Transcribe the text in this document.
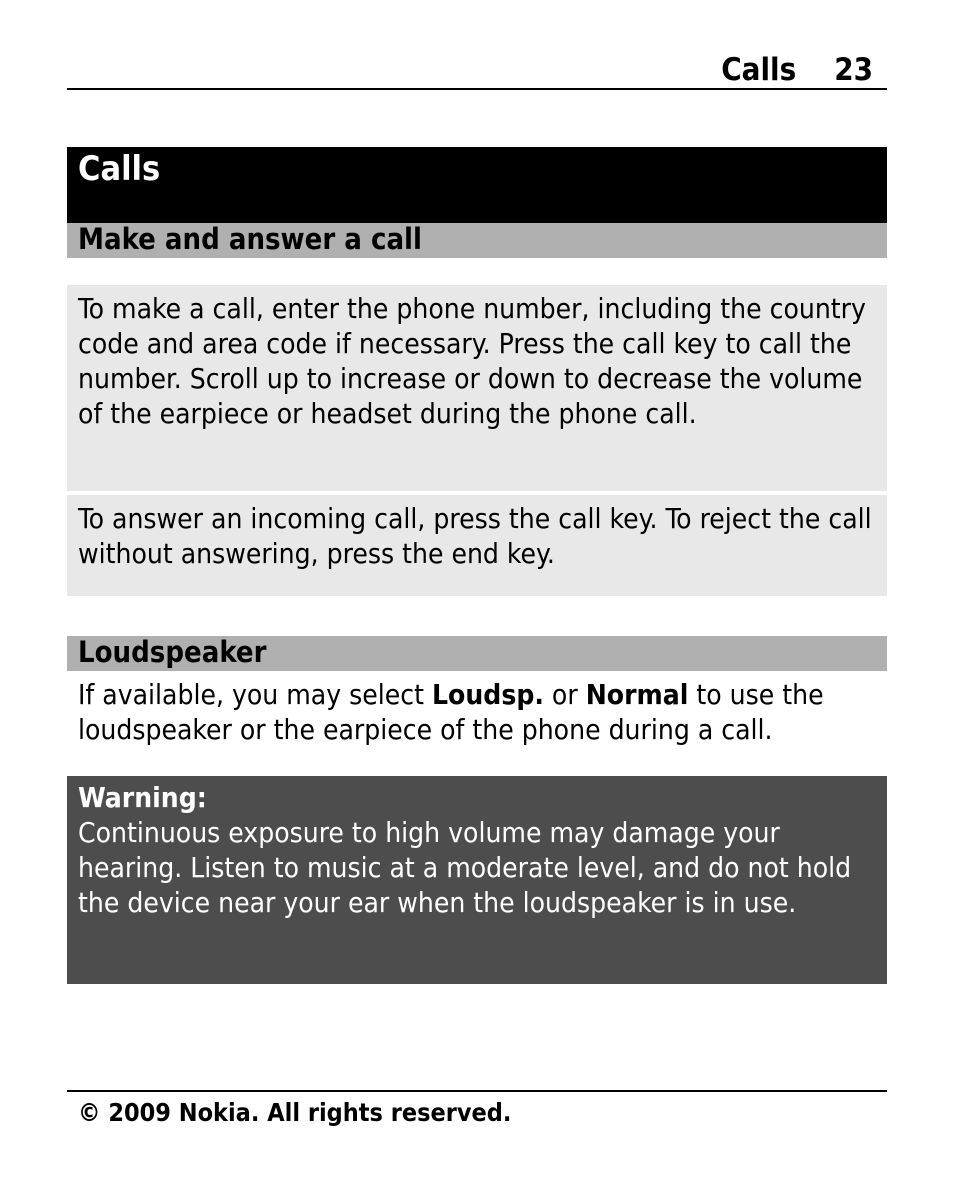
Calls 23
Calls
Make and answer a call
To make a call, enter the phone number, including the country code and area code if necessary. Press the call key to call the number. Scroll up to increase or down to decrease the volume of the earpiece or headset during the phone call.
To answer an incoming call, press the call key. To reject the call without answering, press the end key.
Loudspeaker
If available, you may select Loudsp. or Normal to use the loudspeaker or the earpiece of the phone during a call.
Warning:
Continuous exposure to high volume may damage your hearing. Listen to music at a moderate level, and do not hold the device near your ear when the loudspeaker is in use.
© 2009 Nokia. All rights reserved.
